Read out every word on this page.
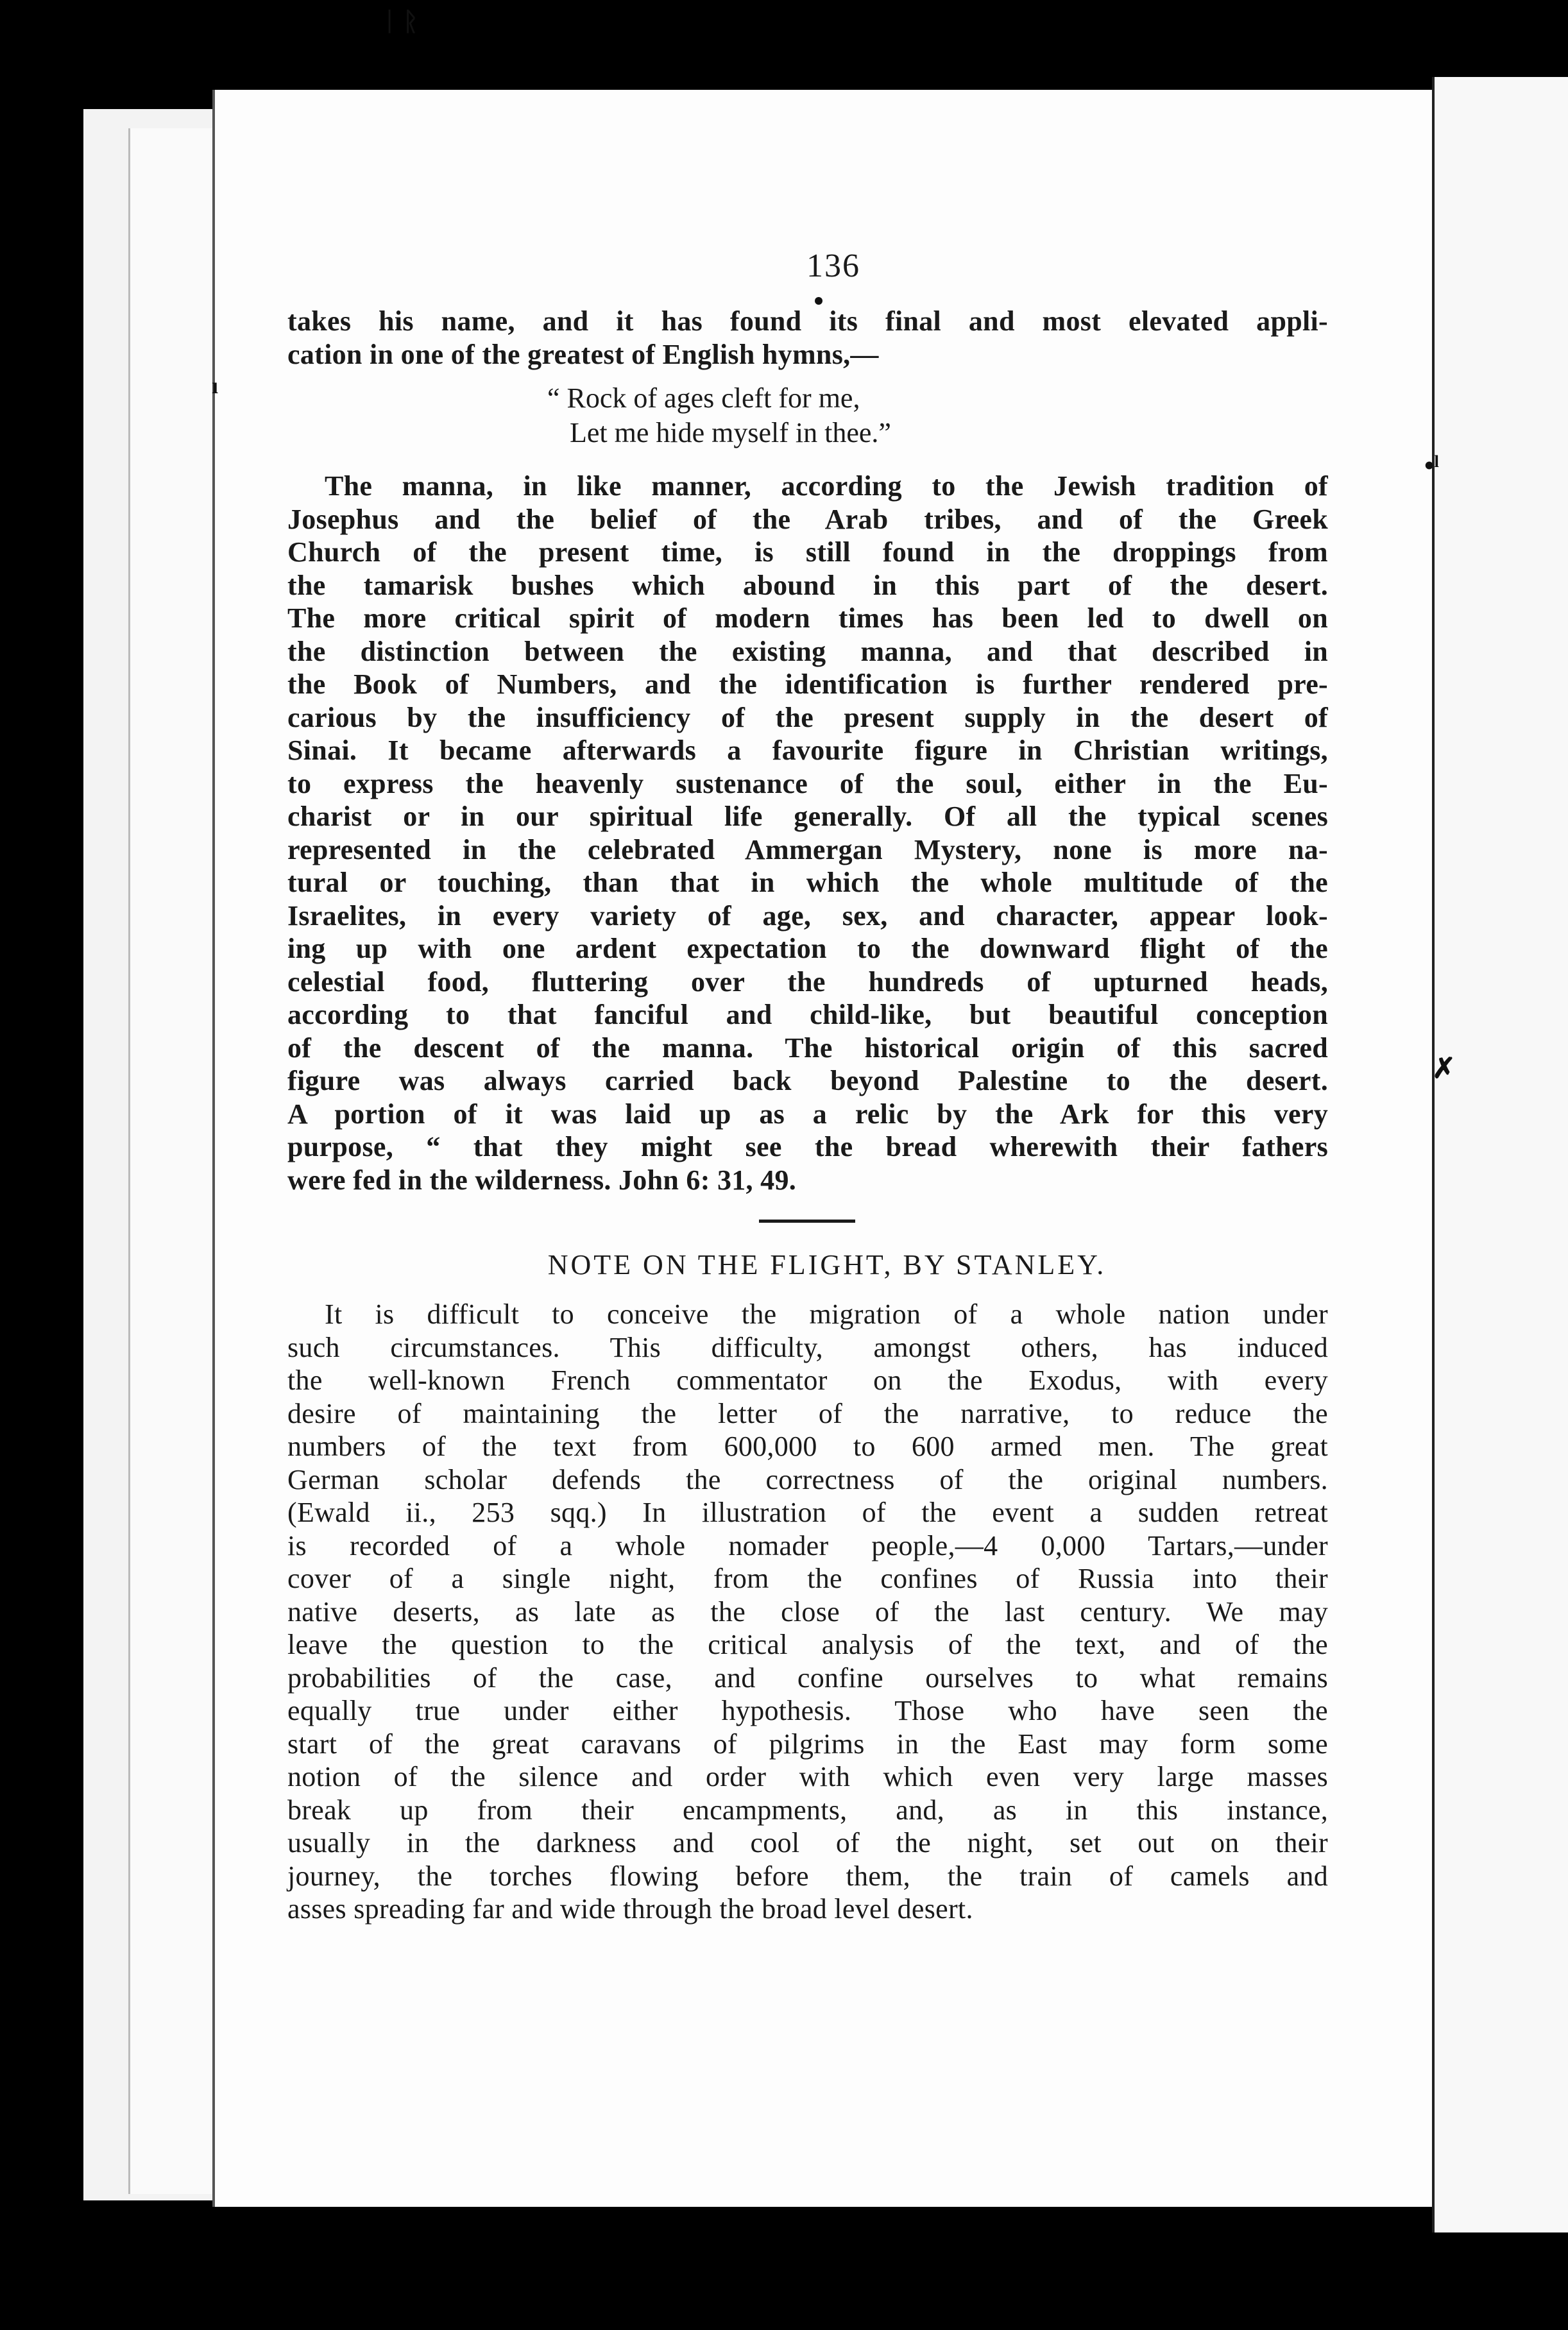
•ˡ
✗
ı
ᛁ ᚱ
136
takes his name, and it has found its final and most elevated appli-
cation in one of the greatest of English hymns,—
“ Rock of ages cleft for me,
Let me hide myself in thee.”
The manna, in like manner, according to the Jewish tradition of
Josephus and the belief of the Arab tribes, and of the Greek
Church of the present time, is still found in the droppings from
the tamarisk bushes which abound in this part of the desert.
The more critical spirit of modern times has been led to dwell on
the distinction between the existing manna, and that described in
the Book of Numbers, and the identification is further rendered pre-
carious by the insufficiency of the present supply in the desert of
Sinai. It became afterwards a favourite figure in Christian writings,
to express the heavenly sustenance of the soul, either in the Eu-
charist or in our spiritual life generally. Of all the typical scenes
represented in the celebrated Ammergan Mystery, none is more na-
tural or touching, than that in which the whole multitude of the
Israelites, in every variety of age, sex, and character, appear look-
ing up with one ardent expectation to the downward flight of the
celestial food, fluttering over the hundreds of upturned heads,
according to that fanciful and child-like, but beautiful conception
of the descent of the manna. The historical origin of this sacred
figure was always carried back beyond Palestine to the desert.
A portion of it was laid up as a relic by the Ark for this very
purpose, “ that they might see the bread wherewith their fathers
were fed in the wilderness. John 6: 31, 49.
NOTE ON THE FLIGHT, BY STANLEY.
It is difficult to conceive the migration of a whole nation under
such circumstances. This difficulty, amongst others, has induced
the well-known French commentator on the Exodus, with every
desire of maintaining the letter of the narrative, to reduce the
numbers of the text from 600,000 to 600 armed men. The great
German scholar defends the correctness of the original numbers.
(Ewald ii., 253 sqq.) In illustration of the event a sudden retreat
is recorded of a whole nomader people,—4 0,000 Tartars,—under
cover of a single night, from the confines of Russia into their
native deserts, as late as the close of the last century. We may
leave the question to the critical analysis of the text, and of the
probabilities of the case, and confine ourselves to what remains
equally true under either hypothesis. Those who have seen the
start of the great caravans of pilgrims in the East may form some
notion of the silence and order with which even very large masses
break up from their encampments, and, as in this instance,
usually in the darkness and cool of the night, set out on their
journey, the torches flowing before them, the train of camels and
asses spreading far and wide through the broad level desert.
